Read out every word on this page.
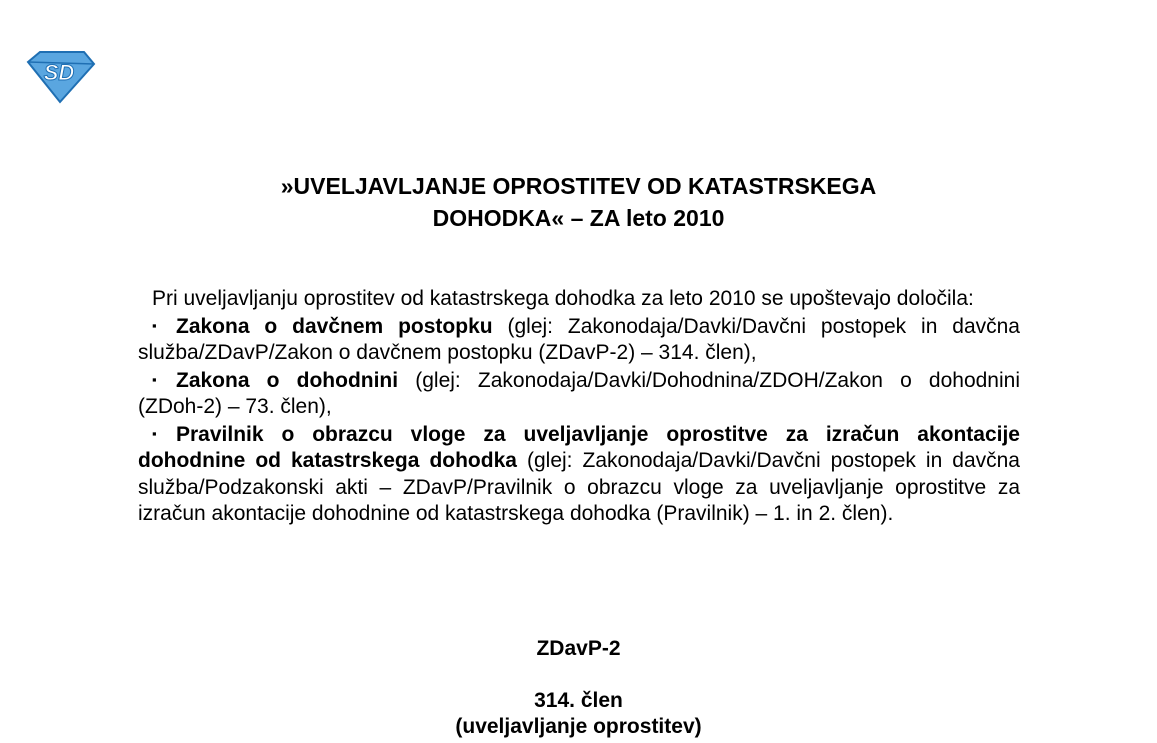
SD
»UVELJAVLJANJE OPROSTITEV OD KATASTRSKEGA
DOHODKA« – ZA leto 2010

Pri uveljavljanju oprostitev od katastrskega dohodka za leto 2010 se upoštevajo določila:

▪ Zakona o davčnem postopku (glej: Zakonodaja/Davki/Davčni postopek in davčna služba/ZDavP/Zakon o davčnem postopku (ZDavP-2) – 314. člen),

▪ Zakona o dohodnini (glej: Zakonodaja/Davki/Dohodnina/ZDOH/Zakon o dohodnini (ZDoh-2) – 73. člen),

▪ Pravilnik o obrazcu vloge za uveljavljanje oprostitve za izračun akontacije dohodnine od katastrskega dohodka (glej: Zakonodaja/Davki/Davčni postopek in davčna služba/Podzakonski akti – ZDavP/Pravilnik o obrazcu vloge za uveljavljanje oprostitve za izračun akontacije dohodnine od katastrskega dohodka (Pravilnik) – 1. in 2. člen).

ZDavP-2
314. člen
(uveljavljanje oprostitev)
